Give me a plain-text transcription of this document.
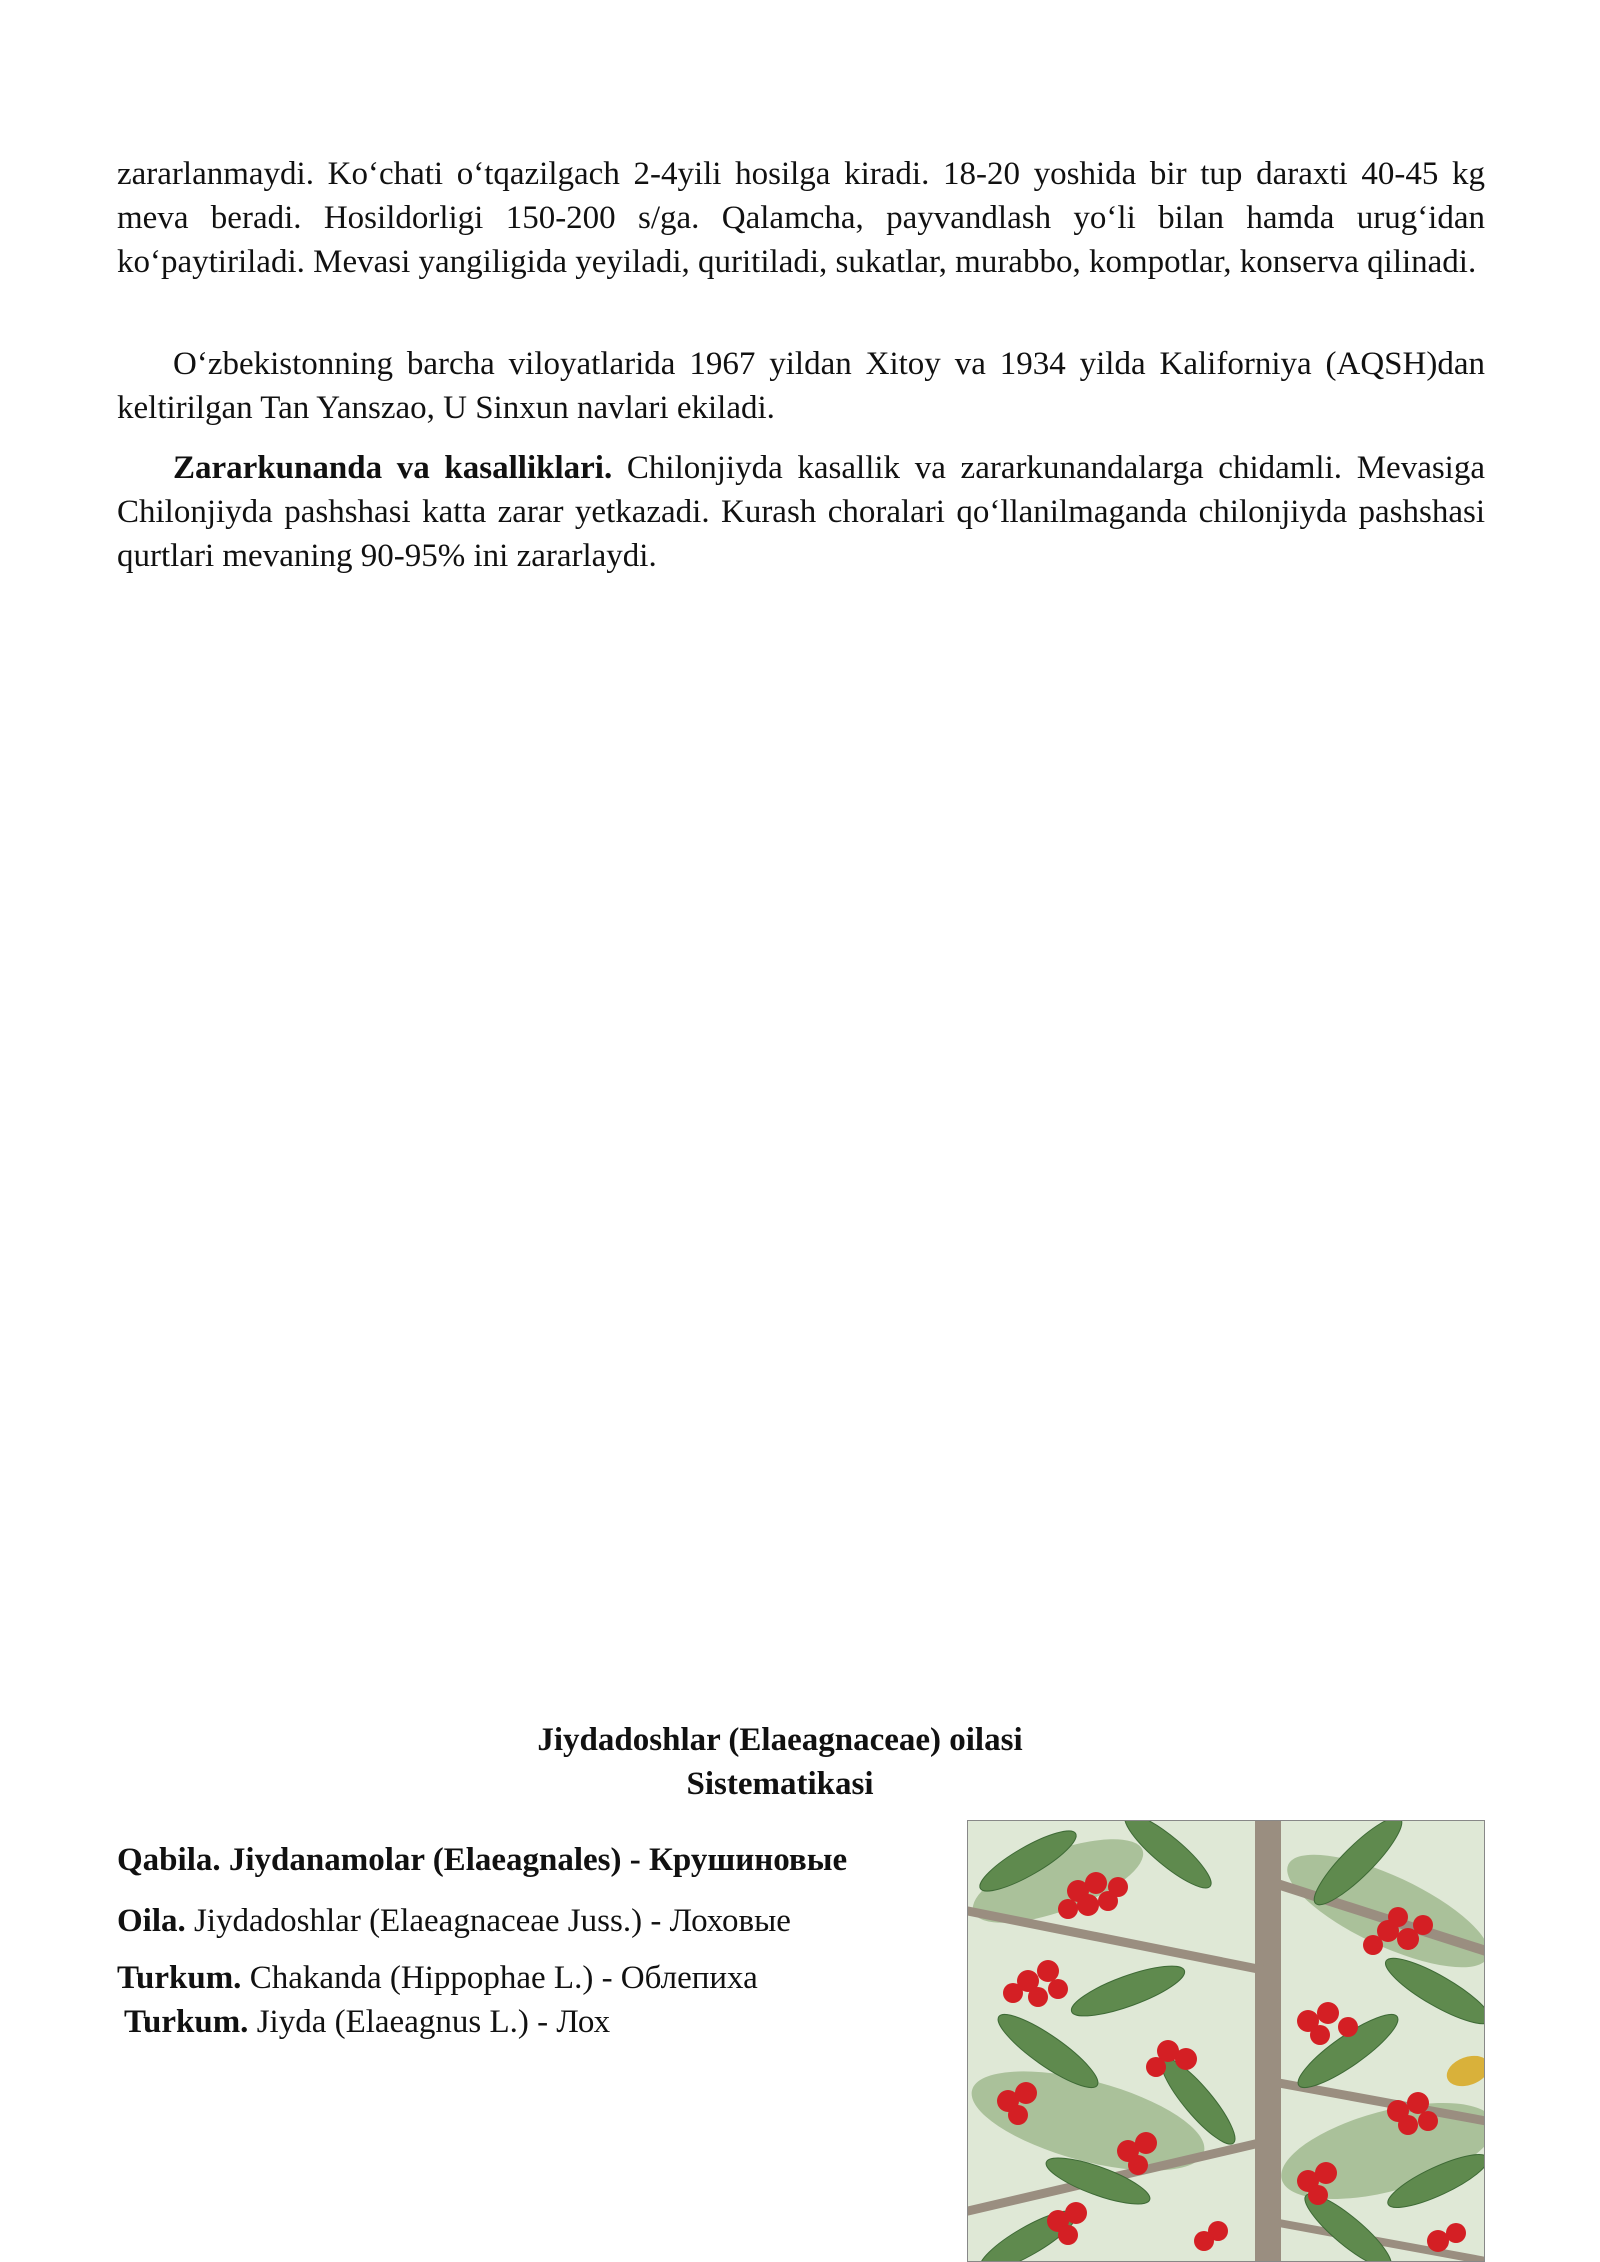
zararlanmaydi. Koʻchati oʻtqazilgach 2-4yili hosilga kiradi. 18-20 yoshida bir tup daraxti 40-45 kg meva beradi. Hosildorligi 150-200 s/ga. Qalamcha, payvandlash yoʻli bilan hamda urugʻidan koʻpaytiriladi. Mevasi yangiligida yeyiladi, quritiladi, sukatlar, murabbo, kompotlar, konserva qilinadi.

Oʻzbekistonning barcha viloyatlarida 1967 yildan Xitoy va 1934 yilda Kaliforniya (AQSH)dan keltirilgan Tan Yanszao, U Sinxun navlari ekiladi.

Zararkunanda va kasalliklari. Chilonjiyda kasallik va zararkunandalarga chidamli. Mevasiga Chilonjiyda pashshasi katta zarar yetkazadi. Kurash choralari qoʻllanilmaganda chilonjiyda pashshasi qurtlari mevaning 90-95% ini zararlaydi.

Jiydadoshlar (Elaeagnaceae) oilasi
Sistematikasi
Qabila. Jiydanamolar (Elaeagnales) - Крушиновые
Oila. Jiydadoshlar (Elaeagnaceae Juss.) - Лоховые
Turkum. Chakanda (Hippophae L.) - Облепиха
Turkum. Jiyda (Elaeagnus L.) - Лох
